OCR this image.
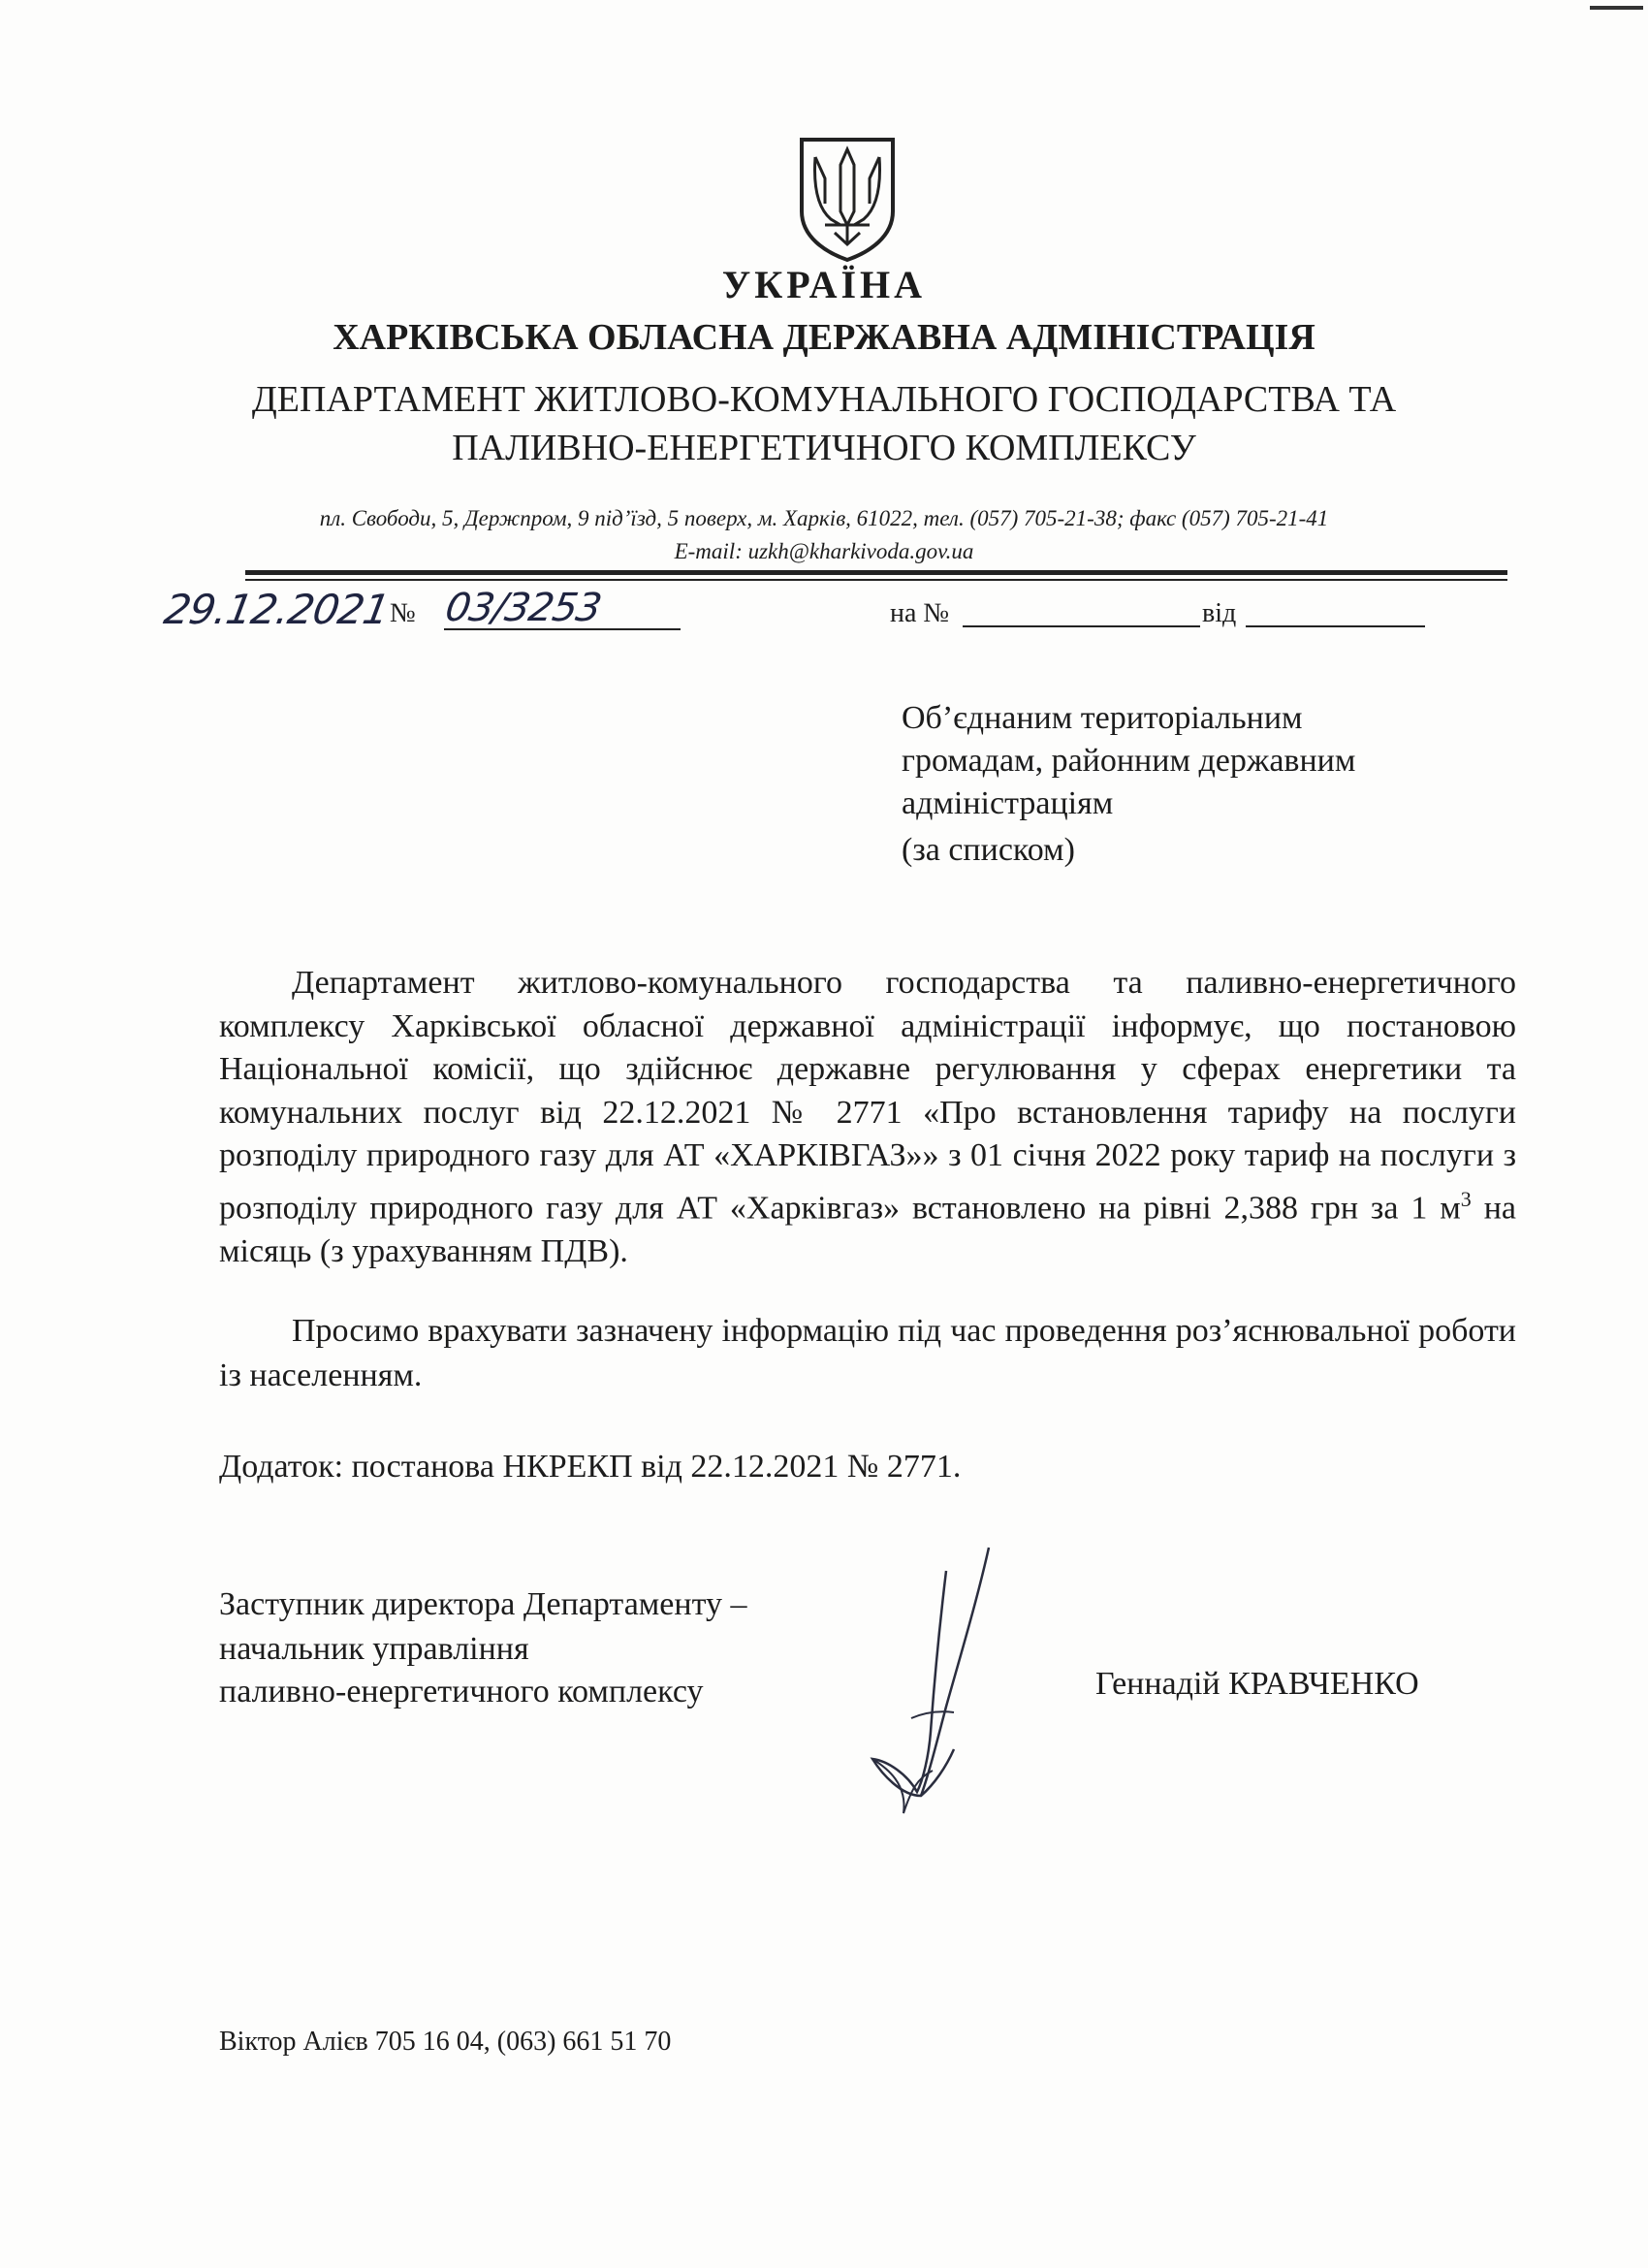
УКРАЇНА
ХАРКІВСЬКА ОБЛАСНА ДЕРЖАВНА АДМІНІСТРАЦІЯ
ДЕПАРТАМЕНТ ЖИТЛОВО-КОМУНАЛЬНОГО ГОСПОДАРСТВА ТА
ПАЛИВНО-ЕНЕРГЕТИЧНОГО КОМПЛЕКСУ
пл. Свободи, 5, Держпром, 9 під’їзд, 5 поверх, м. Харків, 61022, тел. (057) 705-21-38; факс (057) 705-21-41
E-mail: uzkh@kharkivoda.gov.ua
29.12.2021
№ 03/3253	на №	від
Об’єднаним територіальним
громадам, районним державним
адміністраціям
(за списком)
Департамент житлово-комунального господарства та паливно-енергетичного комплексу Харківської обласної державної адміністрації інформує, що постановою Національної комісії, що здійснює державне регулювання у сферах енергетики та комунальних послуг від 22.12.2021 № 2771 «Про встановлення тарифу на послуги розподілу природного газу для АТ «ХАРКІВГАЗ»» з 01 січня 2022 року тариф на послуги з розподілу природного газу для АТ «Харківгаз» встановлено на рівні 2,388 грн за 1 $м^3$ на місяць (з урахуванням ПДВ).
Просимо врахувати зазначену інформацію під час проведення роз’яснювальної роботи із населенням.
Додаток: постанова НКРЕКП від 22.12.2021 № 2771.
Заступник директора Департаменту –
начальник управління
паливно-енергетичного комплексу	Геннадій КРАВЧЕНКО
Віктор Алієв 705 16 04, (063) 661 51 70
